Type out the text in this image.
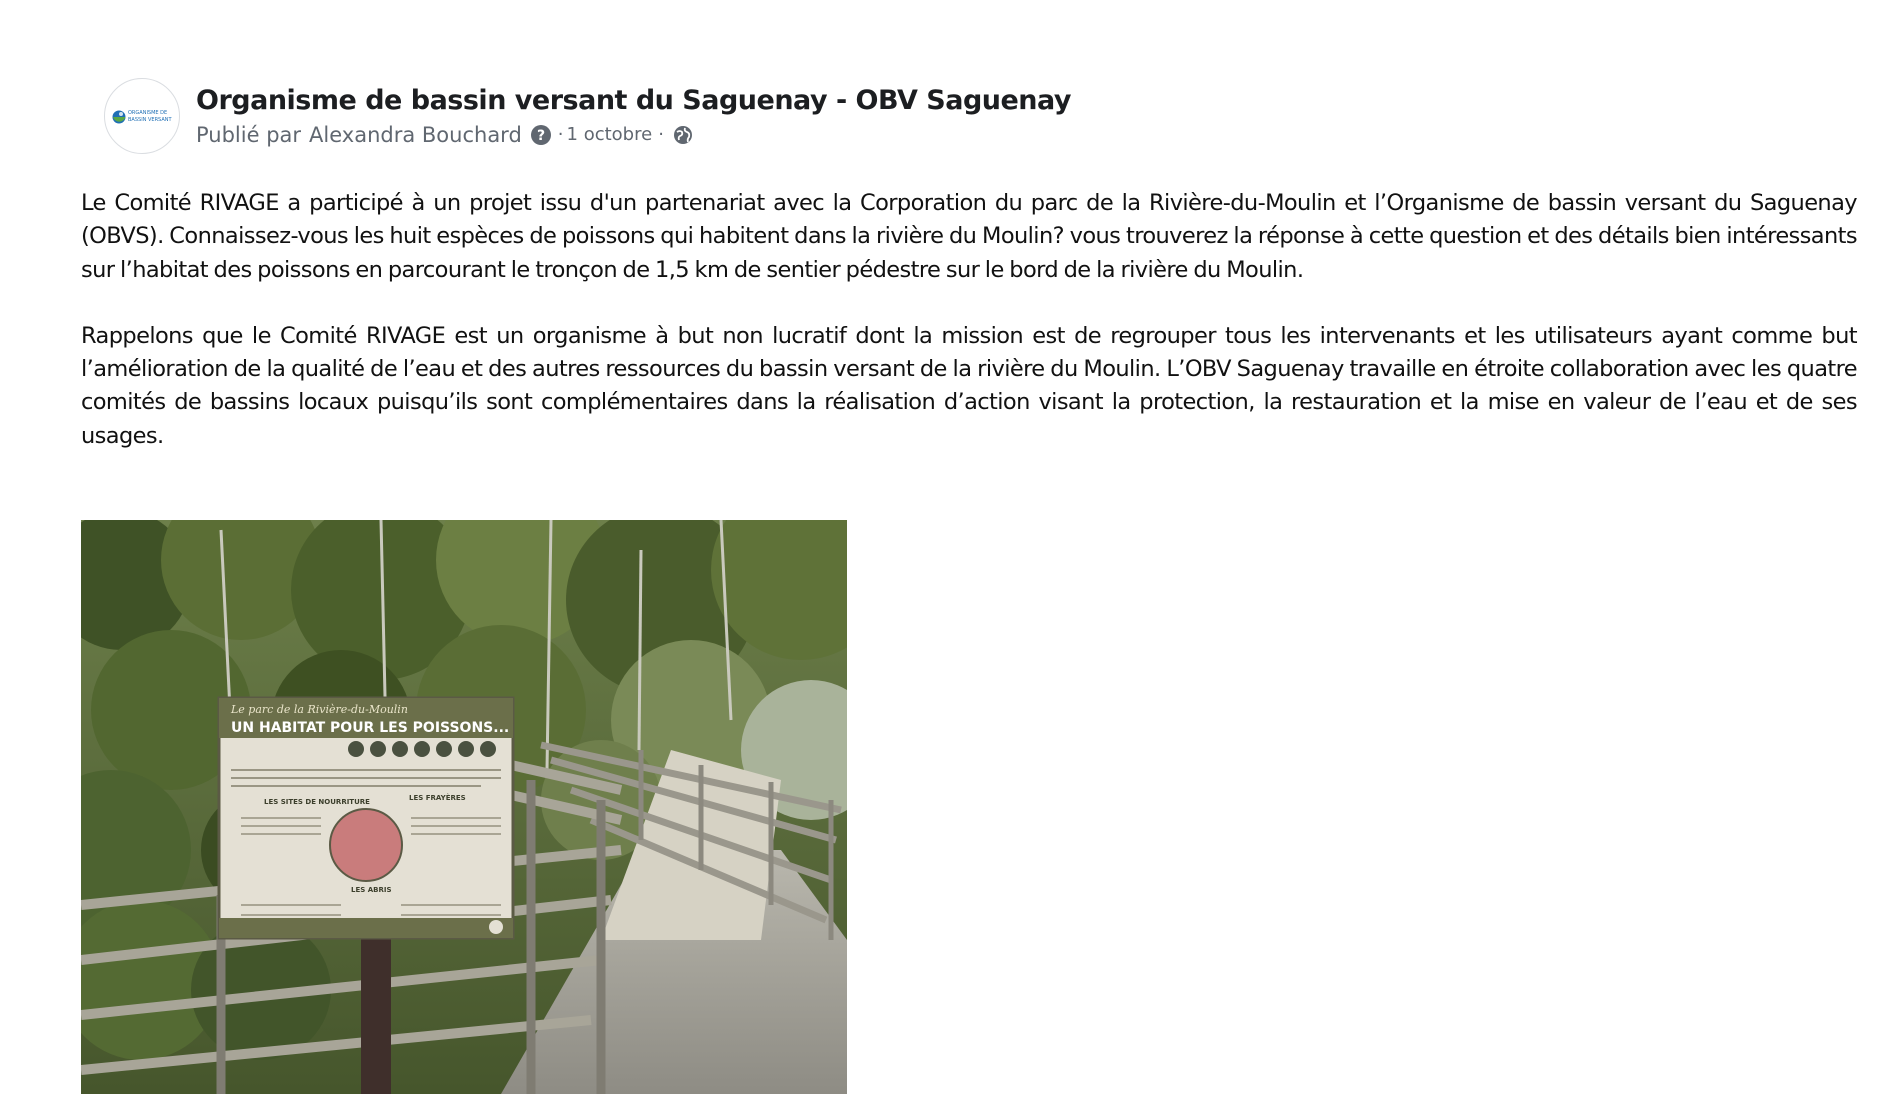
ORGANISME DE
BASSIN VERSANT
Organisme de bassin versant du Saguenay - OBV Saguenay
Publié par Alexandra Bouchard ? · 1 octobre ·

Le Comité RIVAGE a participé à un projet issu d'un partenariat avec la Corporation du parc de la Rivière-du-Moulin et l’Organisme de bassin versant du Saguenay (OBVS). Connaissez-vous les huit espèces de poissons qui habitent dans la rivière du Moulin? vous trouverez la réponse à cette question et des détails bien intéressants sur l’habitat des poissons en parcourant le tronçon de 1,5 km de sentier pédestre sur le bord de la rivière du Moulin.

Rappelons que le Comité RIVAGE est un organisme à but non lucratif dont la mission est de regrouper tous les intervenants et les utilisateurs ayant comme but l’amélioration de la qualité de l’eau et des autres ressources du bassin versant de la rivière du Moulin. L’OBV Saguenay travaille en étroite collaboration avec les quatre comités de bassins locaux puisqu’ils sont complémentaires dans la réalisation d’action visant la protection, la restauration et la mise en valeur de l’eau et de ses usages.

Le parc de la Rivière-du-Moulin
UN HABITAT POUR LES POISSONS...
LES SITES DE NOURRITURE	LES FRAYÈRES
LES ABRIS
